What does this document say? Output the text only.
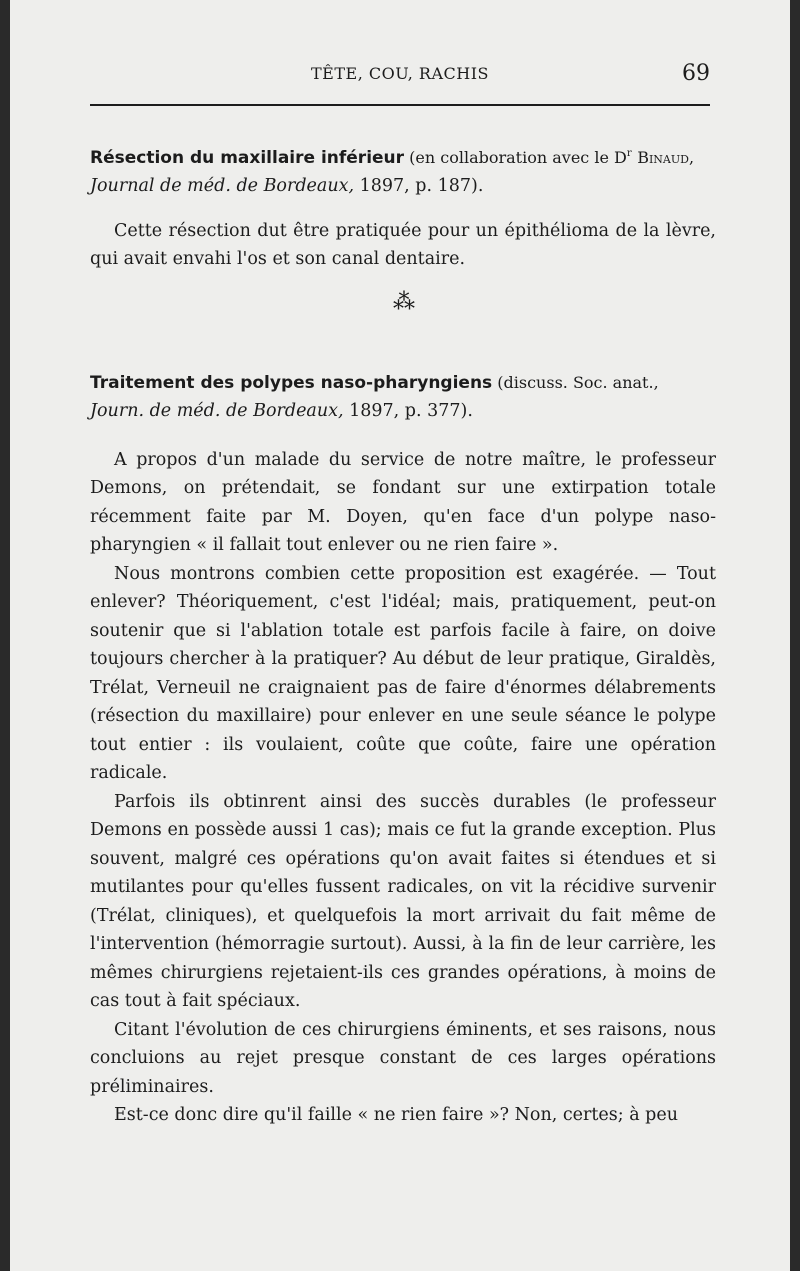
TÊTE, COU, RACHIS	69

Résection du maxillaire inférieur (en collaboration avec le $D^r$ Binaud,

Journal de méd. de Bordeaux, 1897, p. 187).

Cette résection dut être pratiquée pour un épithélioma de la lèvre, qui avait envahi l'os et son canal dentaire.

⁂

Traitement des polypes naso-pharyngiens (discuss. Soc. anat.,

Journ. de méd. de Bordeaux, 1897, p. 377).

A propos d'un malade du service de notre maître, le professeur Demons, on prétendait, se fondant sur une extirpation totale récemment faite par M. Doyen, qu'en face d'un polype naso-pharyngien « il fallait tout enlever ou ne rien faire ».

Nous montrons combien cette proposition est exagérée. — Tout enlever? Théoriquement, c'est l'idéal; mais, pratiquement, peut-on soutenir que si l'ablation totale est parfois facile à faire, on doive toujours chercher à la pratiquer? Au début de leur pratique, Giraldès, Trélat, Verneuil ne craignaient pas de faire d'énormes délabrements (résection du maxillaire) pour enlever en une seule séance le polype tout entier : ils voulaient, coûte que coûte, faire une opération radicale.

Parfois ils obtinrent ainsi des succès durables (le professeur Demons en possède aussi 1 cas); mais ce fut la grande exception. Plus souvent, malgré ces opérations qu'on avait faites si étendues et si mutilantes pour qu'elles fussent radicales, on vit la récidive survenir (Trélat, cliniques), et quelquefois la mort arrivait du fait même de l'intervention (hémorragie surtout). Aussi, à la fin de leur carrière, les mêmes chirurgiens rejetaient-ils ces grandes opérations, à moins de cas tout à fait spéciaux.

Citant l'évolution de ces chirurgiens éminents, et ses raisons, nous concluions au rejet presque constant de ces larges opérations préliminaires.

Est-ce donc dire qu'il faille « ne rien faire »? Non, certes; à peu
